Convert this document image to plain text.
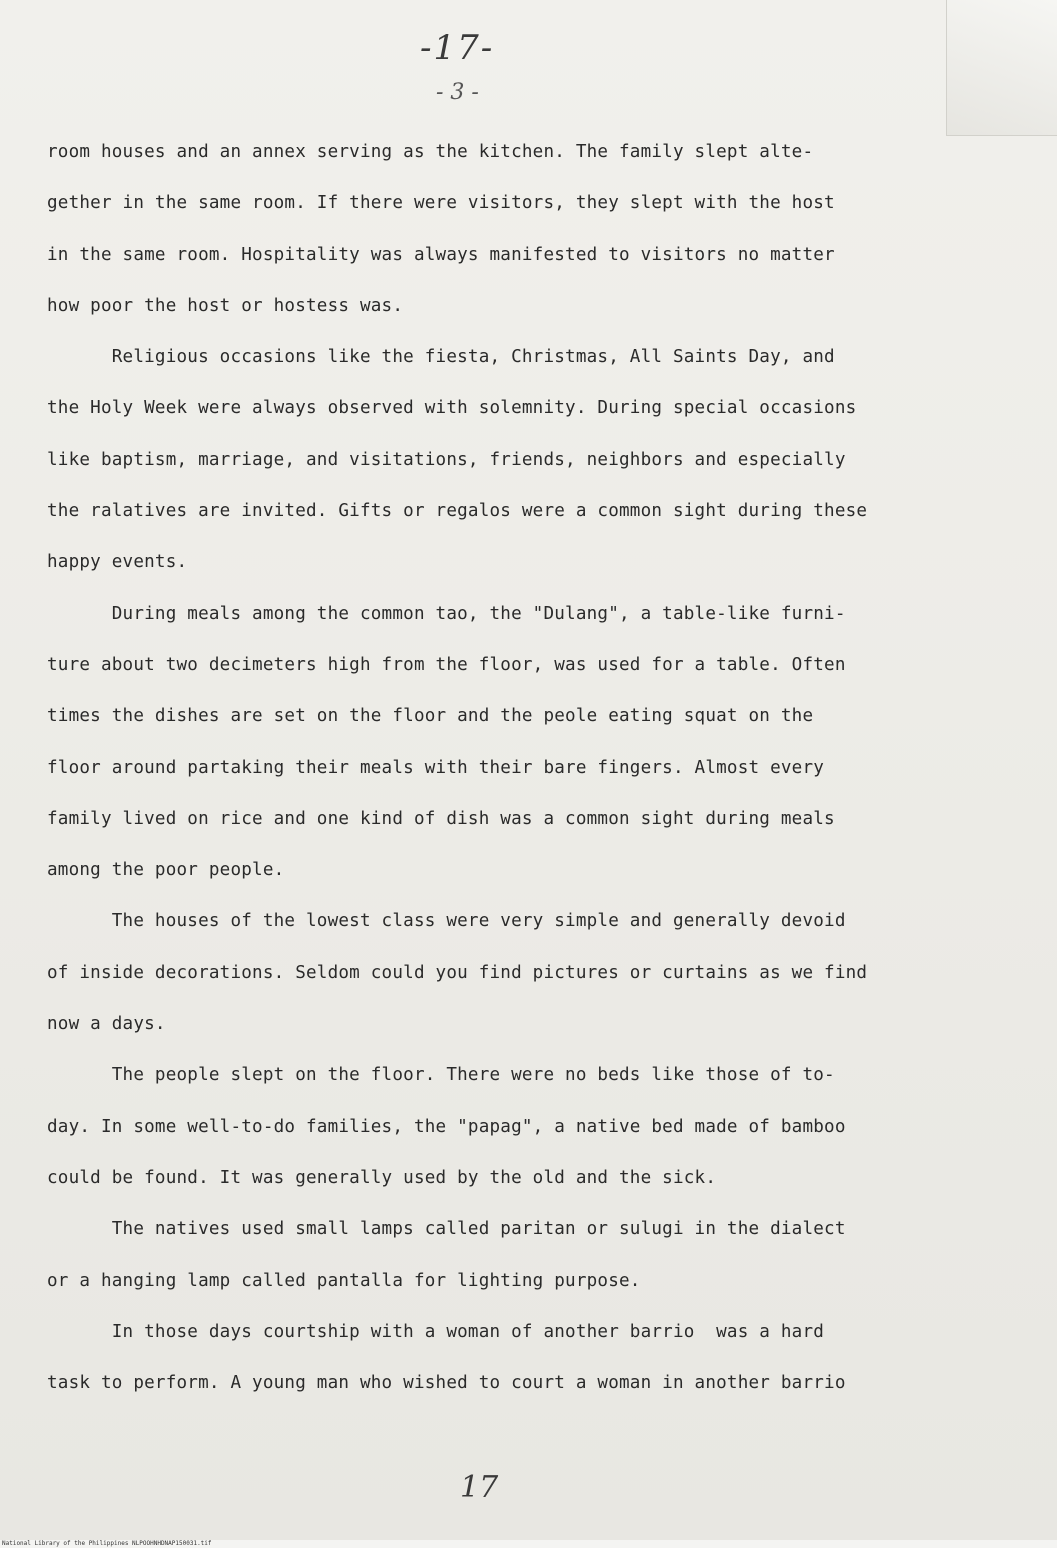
-17-
- 3 -
room houses and an annex serving as the kitchen. The family slept alte-
gether in the same room. If there were visitors, they slept with the host
in the same room. Hospitality was always manifested to visitors no matter
how poor the host or hostess was.
Religious occasions like the fiesta, Christmas, All Saints Day, and
the Holy Week were always observed with solemnity. During special occasions
like baptism, marriage, and visitations, friends, neighbors and especially
the ralatives are invited. Gifts or regalos were a common sight during these
happy events.
During meals among the common tao, the "Dulang", a table-like furni-
ture about two decimeters high from the floor, was used for a table. Often
times the dishes are set on the floor and the peole eating squat on the
floor around partaking their meals with their bare fingers. Almost every
family lived on rice and one kind of dish was a common sight during meals
among the poor people.
The houses of the lowest class were very simple and generally devoid
of inside decorations. Seldom could you find pictures or curtains as we find
now a days.
The people slept on the floor. There were no beds like those of to-
day. In some well-to-do families, the "papag", a native bed made of bamboo
could be found. It was generally used by the old and the sick.
The natives used small lamps called paritan or sulugi in the dialect
or a hanging lamp called pantalla for lighting purpose.
In those days courtship with a woman of another barrio  was a hard
task to perform. A young man who wished to court a woman in another barrio
17
National Library of the Philippines NLPOOHNHDNAP150031.tif
